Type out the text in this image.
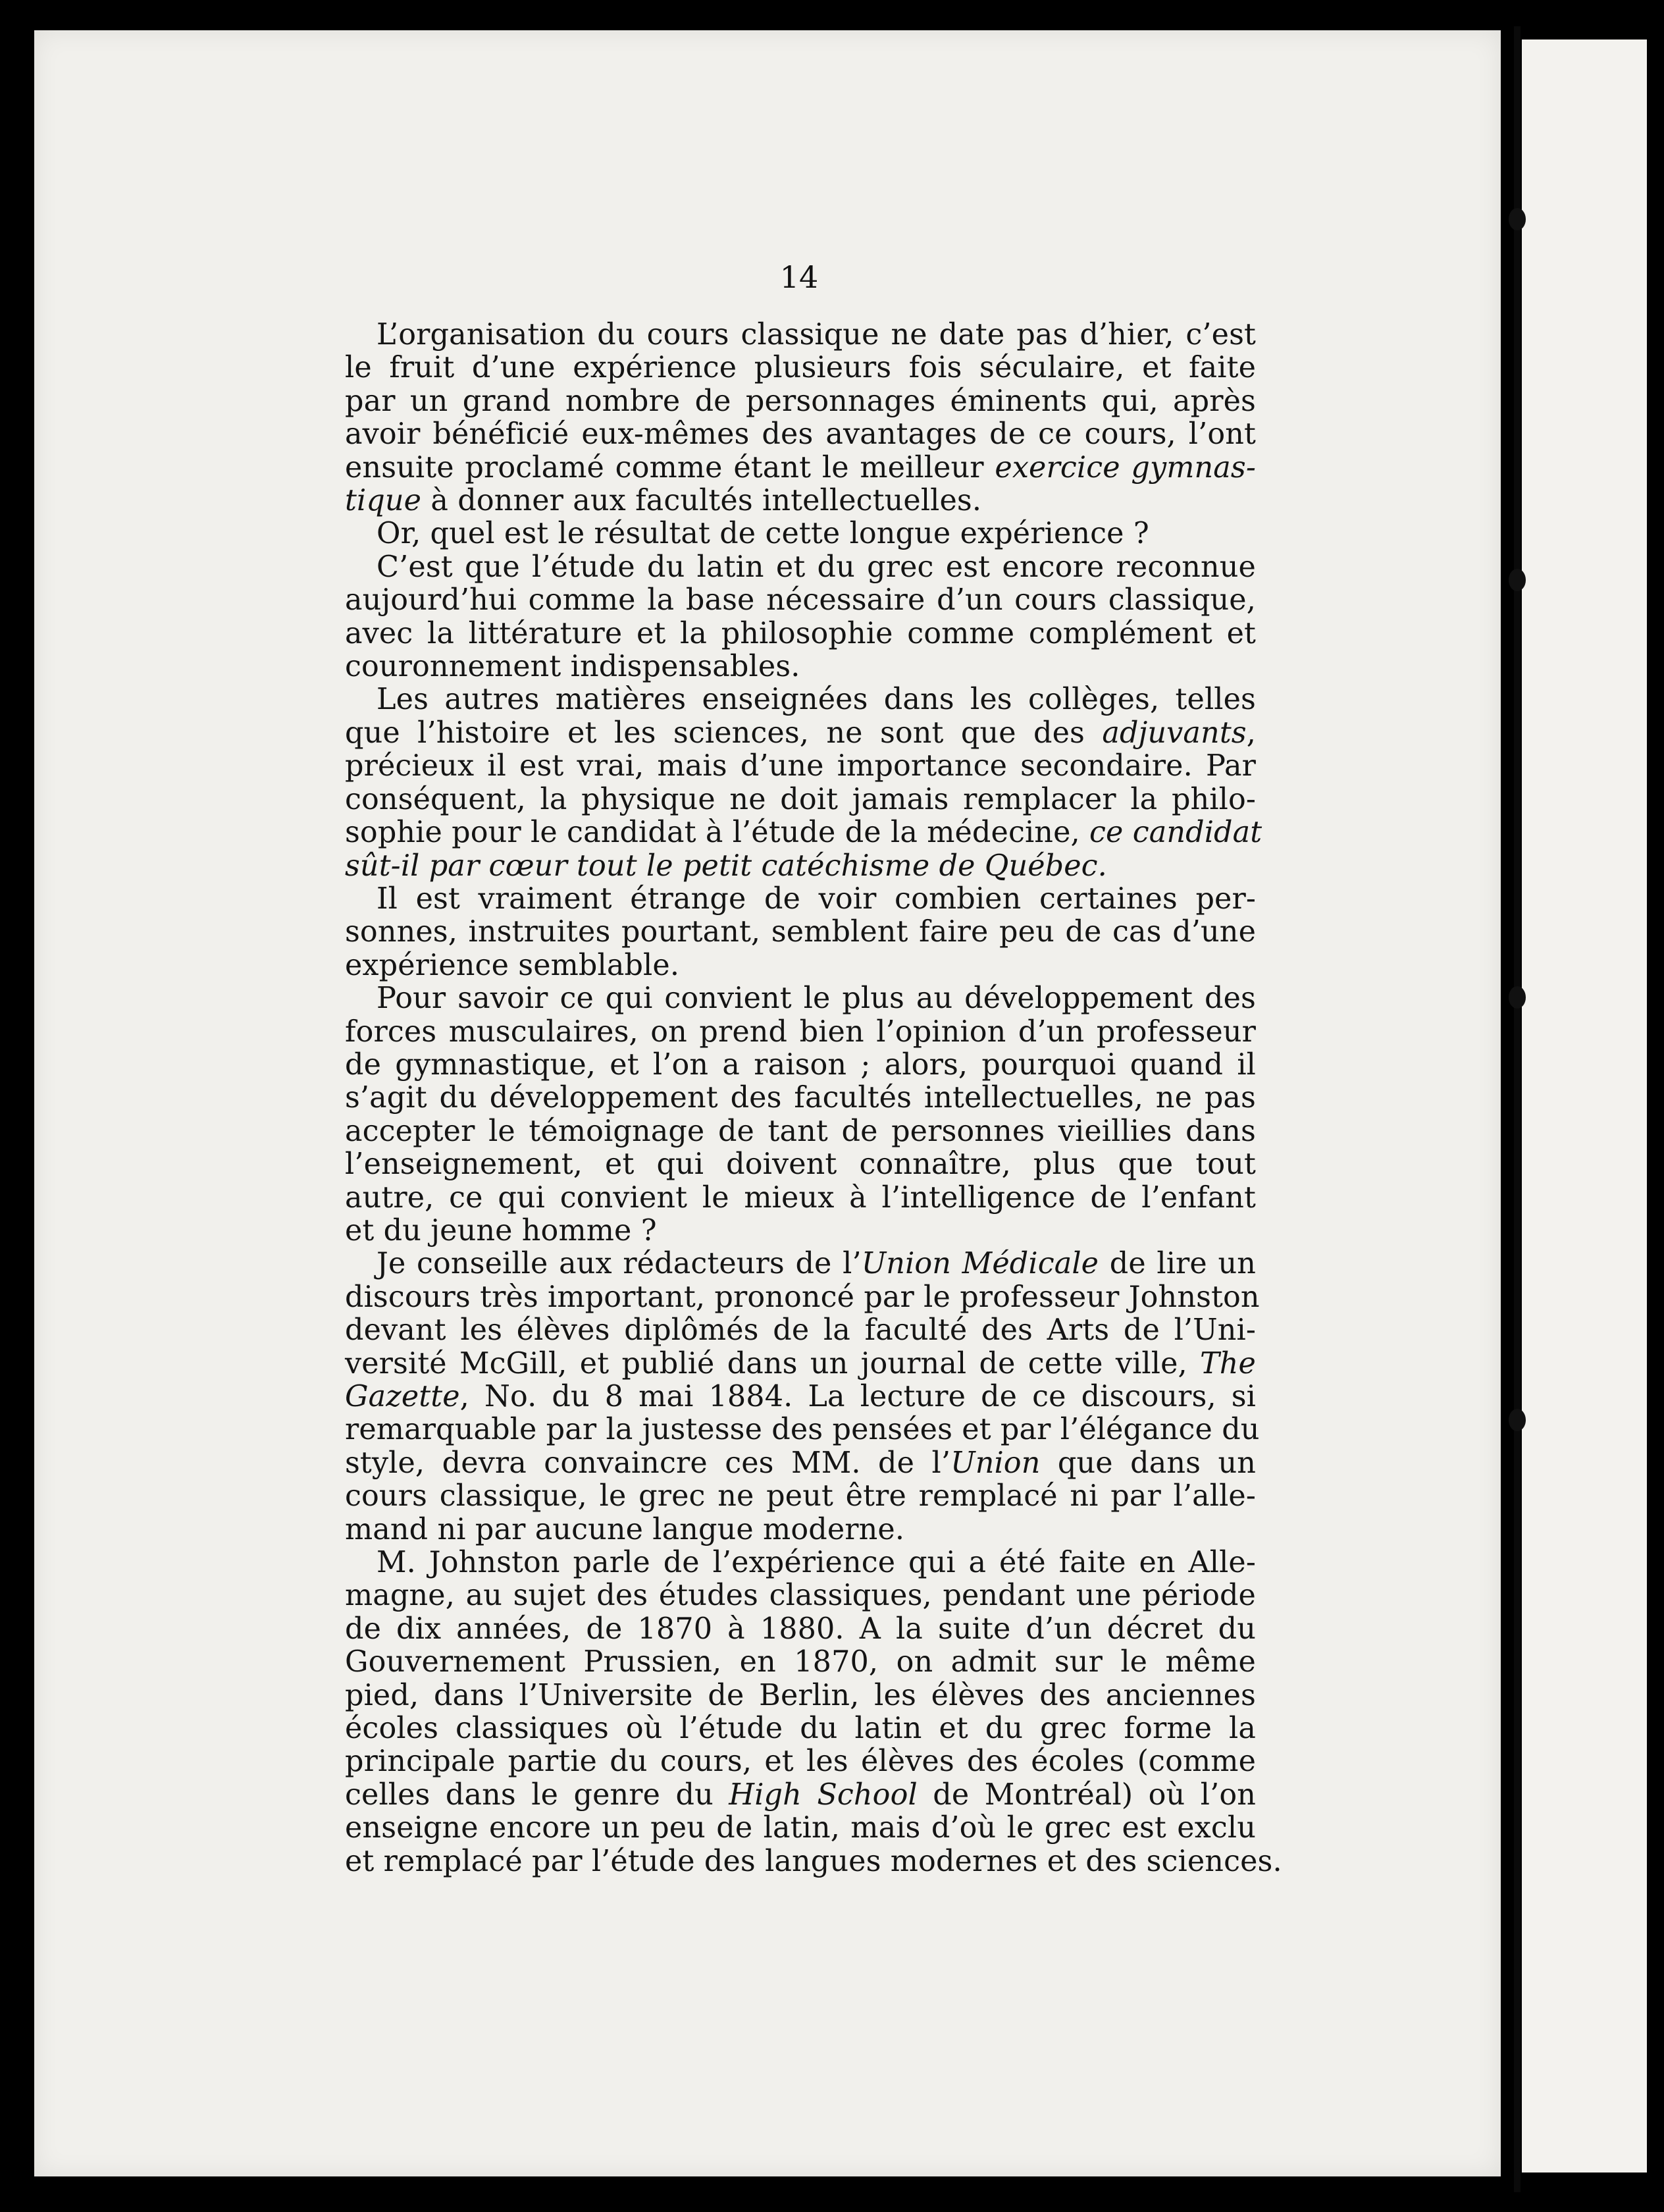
14
L’organisation du cours classique ne date pas d’hier, c’est
le fruit d’une expérience plusieurs fois séculaire, et faite
par un grand nombre de personnages éminents qui, après
avoir bénéficié eux-mêmes des avantages de ce cours, l’ont
ensuite proclamé comme étant le meilleur exercice gymnas-
tique à donner aux facultés intellectuelles.
Or, quel est le résultat de cette longue expérience ?
C’est que l’étude du latin et du grec est encore reconnue
aujourd’hui comme la base nécessaire d’un cours classique,
avec la littérature et la philosophie comme complément et
couronnement indispensables.
Les autres matières enseignées dans les collèges, telles
que l’histoire et les sciences, ne sont que des adjuvants,
précieux il est vrai, mais d’une importance secondaire. Par
conséquent, la physique ne doit jamais remplacer la philo-
sophie pour le candidat à l’étude de la médecine, ce candidat
sût-il par cœur tout le petit catéchisme de Québec.
Il est vraiment étrange de voir combien certaines per-
sonnes, instruites pourtant, semblent faire peu de cas d’une
expérience semblable.
Pour savoir ce qui convient le plus au développement des
forces musculaires, on prend bien l’opinion d’un professeur
de gymnastique, et l’on a raison ; alors, pourquoi quand il
s’agit du développement des facultés intellectuelles, ne pas
accepter le témoignage de tant de personnes vieillies dans
l’enseignement, et qui doivent connaître, plus que tout
autre, ce qui convient le mieux à l’intelligence de l’enfant
et du jeune homme ?
Je conseille aux rédacteurs de l’Union Médicale de lire un
discours très important, prononcé par le professeur Johnston
devant les élèves diplômés de la faculté des Arts de l’Uni-
versité McGill, et publié dans un journal de cette ville, The
Gazette, No. du 8 mai 1884. La lecture de ce discours, si
remarquable par la justesse des pensées et par l’élégance du
style, devra convaincre ces MM. de l’Union que dans un
cours classique, le grec ne peut être remplacé ni par l’alle-
mand ni par aucune langue moderne.
M. Johnston parle de l’expérience qui a été faite en Alle-
magne, au sujet des études classiques, pendant une période
de dix années, de 1870 à 1880. A la suite d’un décret du
Gouvernement Prussien, en 1870, on admit sur le même
pied, dans l’Universite de Berlin, les élèves des anciennes
écoles classiques où l’étude du latin et du grec forme la
principale partie du cours, et les élèves des écoles (comme
celles dans le genre du High School de Montréal) où l’on
enseigne encore un peu de latin, mais d’où le grec est exclu
et remplacé par l’étude des langues modernes et des sciences.
